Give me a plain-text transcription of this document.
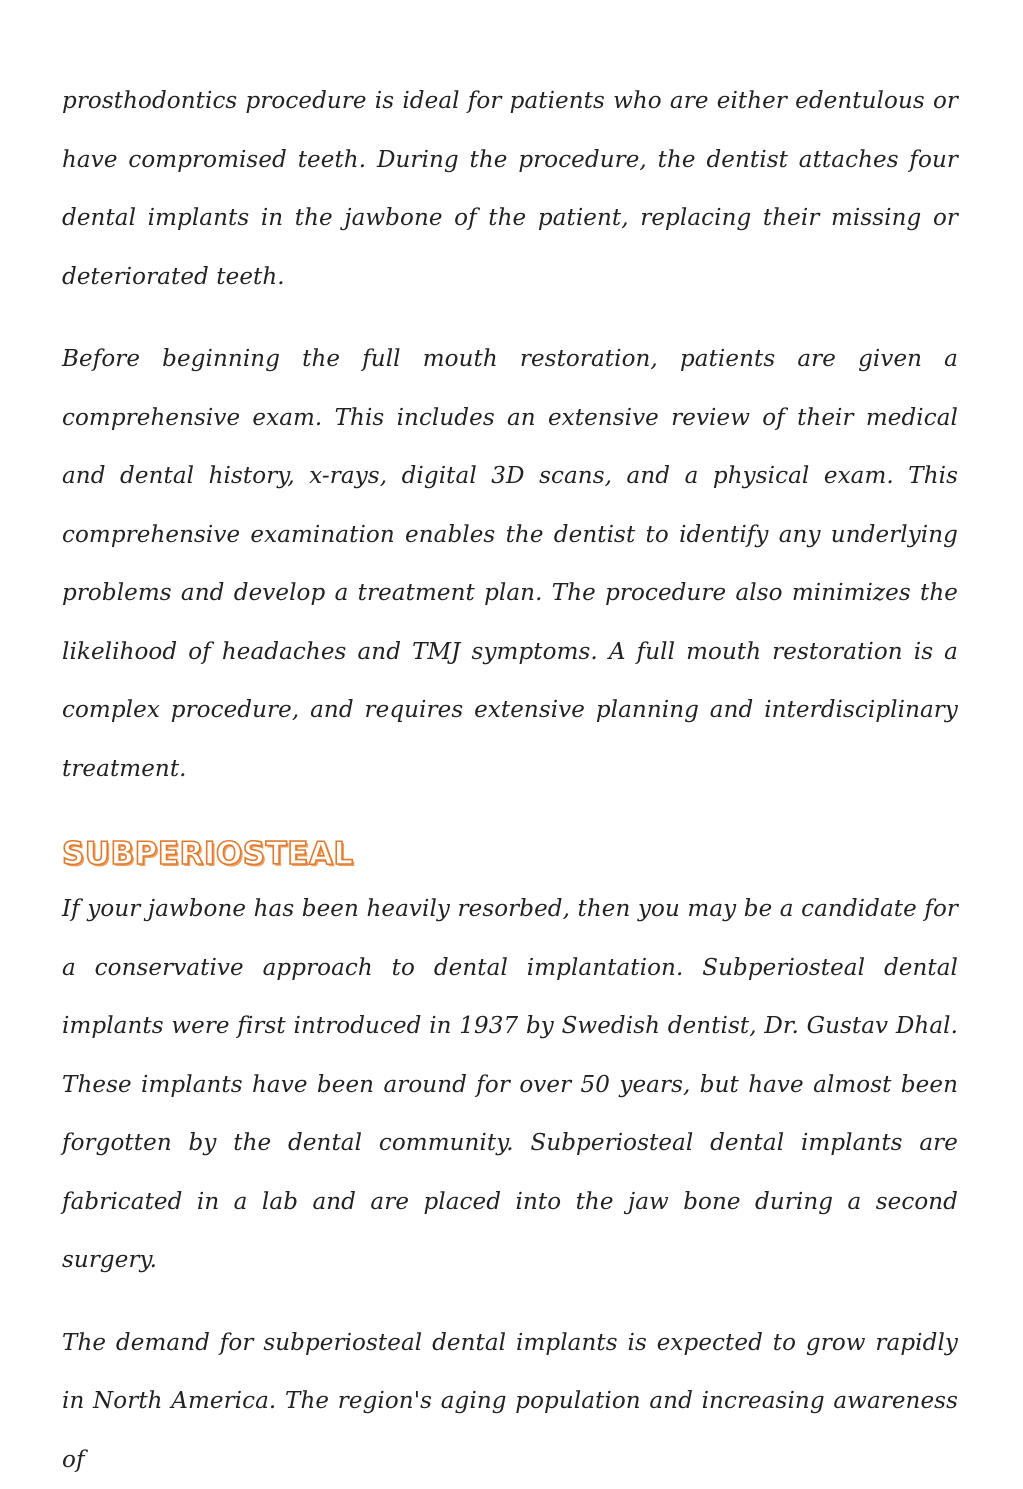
prosthodontics procedure is ideal for patients who are either edentulous or have compromised teeth. During the procedure, the dentist attaches four dental implants in the jawbone of the patient, replacing their missing or deteriorated teeth.

Before beginning the full mouth restoration, patients are given a comprehensive exam. This includes an extensive review of their medical and dental history, x-rays, digital 3D scans, and a physical exam. This comprehensive examination enables the dentist to identify any underlying problems and develop a treatment plan. The procedure also minimizes the likelihood of headaches and TMJ symptoms. A full mouth restoration is a complex procedure, and requires extensive planning and interdisciplinary treatment.

SUBPERIOSTEAL

If your jawbone has been heavily resorbed, then you may be a candidate for a conservative approach to dental implantation. Subperiosteal dental implants were first introduced in 1937 by Swedish dentist, Dr. Gustav Dhal. These implants have been around for over 50 years, but have almost been forgotten by the dental community. Subperiosteal dental implants are fabricated in a lab and are placed into the jaw bone during a second surgery.

The demand for subperiosteal dental implants is expected to grow rapidly in North America. The region's aging population and increasing awareness of
